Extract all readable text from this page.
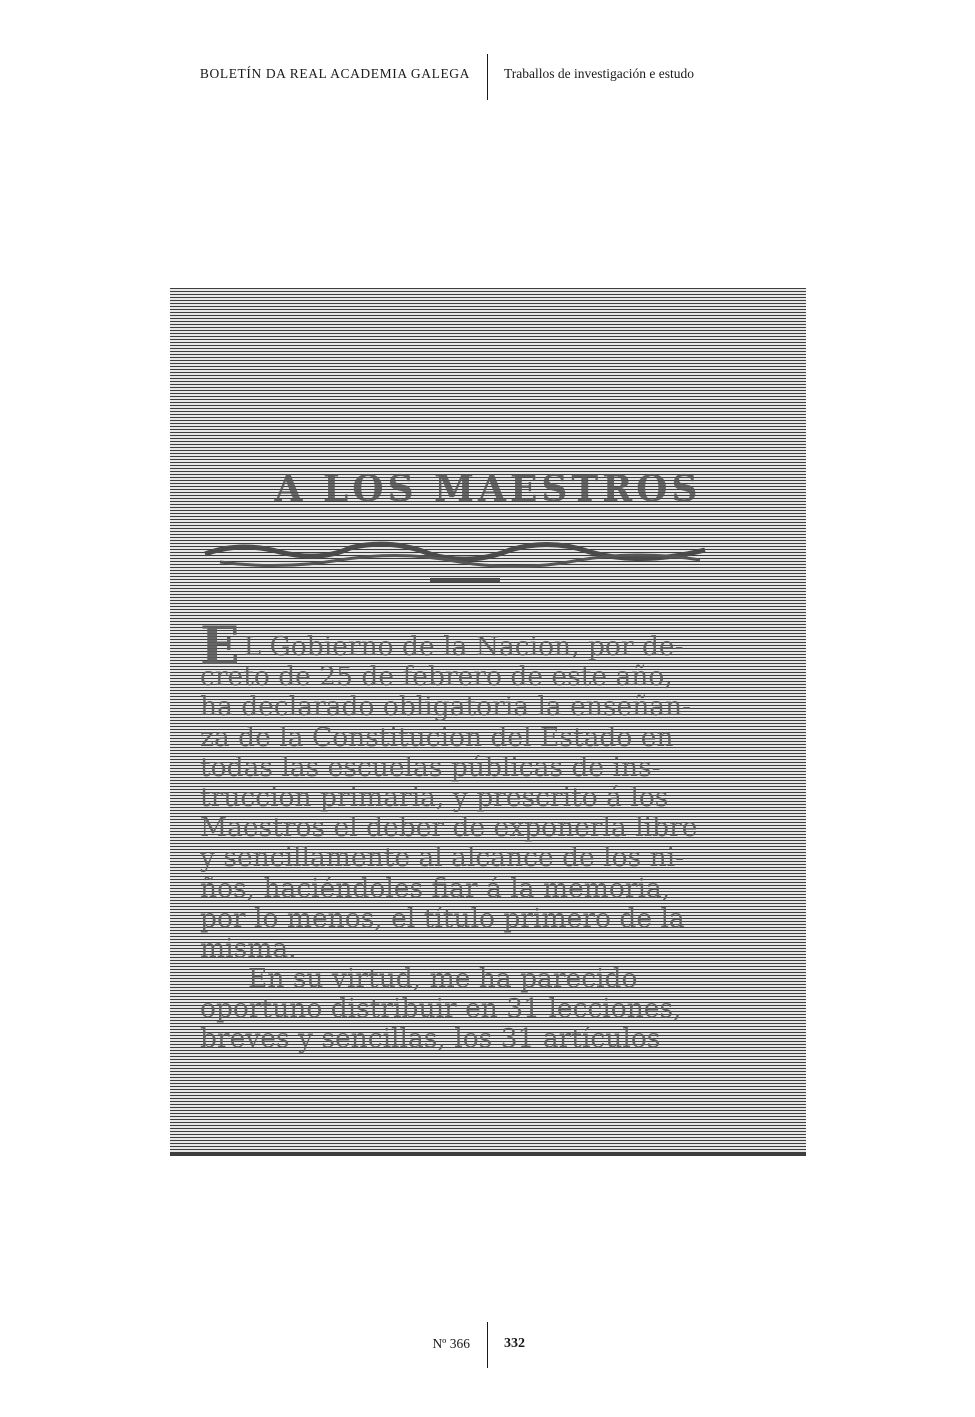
BOLETÍN DA REAL ACADEMIA GALEGA	Traballos de investigación e estudo
A LOS MAESTROS
E L Gobierno de la Nacion, por de-
creto de 25 de febrero de este año,
ha declarado obligatoria la enseñan-
za de la Constitucion del Estado en
todas las escuelas públicas de ins-
truccion primaria, y prescrito á los
Maestros el deber de exponerla libre
y sencillamente al alcance de los ni-
ños, haciéndoles fiar á la memoria,
por lo menos, el título primero de la
misma.
En su virtud, me ha parecido
oportuno distribuir en 31 lecciones,
breves y sencillas, los 31 artículos
Nº 366 332
